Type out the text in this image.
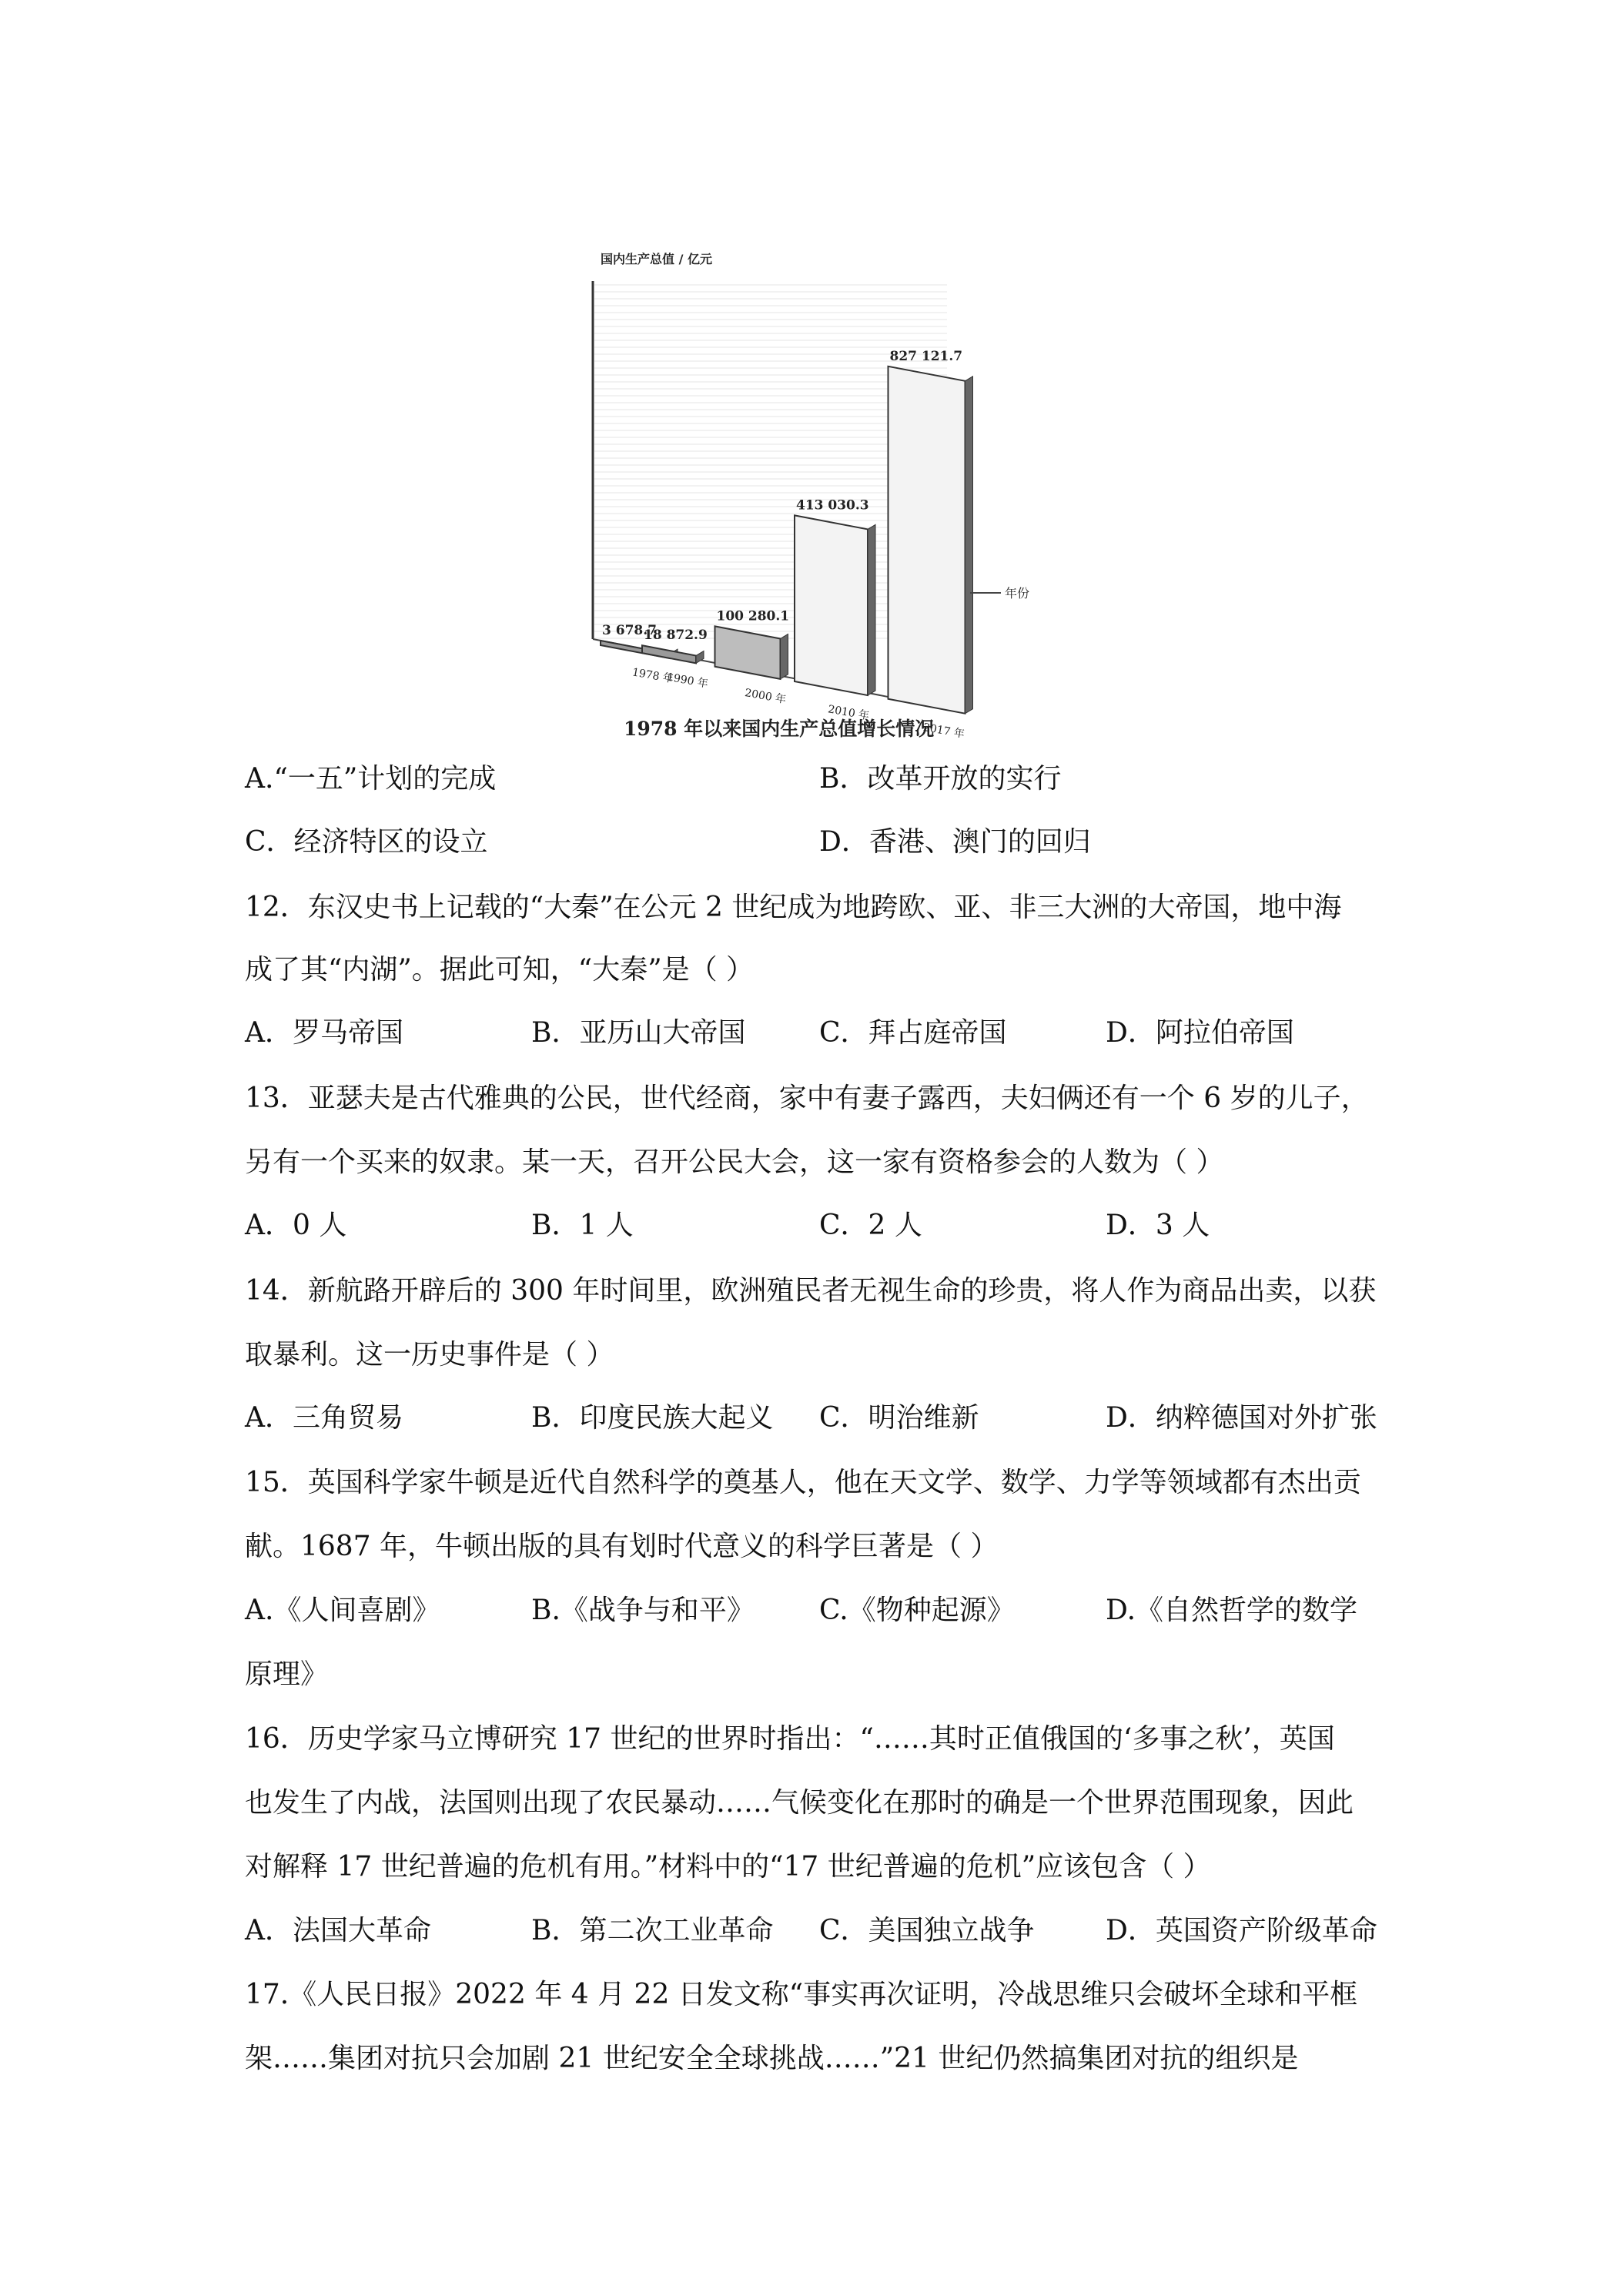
国内生产总值 / 亿元
3 678.7
1978 年
18 872.9
1990 年
100 280.1
2000 年
413 030.3
2010 年
827 121.7
2017 年
年份
1978 年以来国内生产总值增长情况
A.“一五”计划的完成	B．改革开放的实行
C．经济特区的设立	D．香港、澳门的回归
12．东汉史书上记载的“大秦”在公元 2 世纪成为地跨欧、亚、非三大洲的大帝国，地中海
成了其“内湖”。据此可知，“大秦”是（ ）
A．罗马帝国	B．亚历山大帝国	C．拜占庭帝国	D．阿拉伯帝国
13．亚瑟夫是古代雅典的公民，世代经商，家中有妻子露西，夫妇俩还有一个 6 岁的儿子，
另有一个买来的奴隶。某一天，召开公民大会，这一家有资格参会的人数为（ ）
A．0 人	B．1 人	C．2 人	D．3 人
14．新航路开辟后的 300 年时间里，欧洲殖民者无视生命的珍贵，将人作为商品出卖，以获
取暴利。这一历史事件是（ ）
A．三角贸易	B．印度民族大起义 C．明治维新	D．纳粹德国对外扩张
15．英国科学家牛顿是近代自然科学的奠基人，他在天文学、数学、力学等领域都有杰出贡
献。1687 年，牛顿出版的具有划时代意义的科学巨著是（ ）
A.《人间喜剧》	B.《战争与和平》 C.《物种起源》	D.《自然哲学的数学
原理》
16．历史学家马立博研究 17 世纪的世界时指出：“……其时正值俄国的‘多事之秋’，英国
也发生了内战，法国则出现了农民暴动……气候变化在那时的确是一个世界范围现象，因此
对解释 17 世纪普遍的危机有用。”材料中的“17 世纪普遍的危机”应该包含（ ）
A．法国大革命	B．第二次工业革命 C．美国独立战争	D．英国资产阶级革命
17.《人民日报》2022 年 4 月 22 日发文称“事实再次证明，冷战思维只会破坏全球和平框
架……集团对抗只会加剧 21 世纪安全全球挑战……”21 世纪仍然搞集团对抗的组织是
